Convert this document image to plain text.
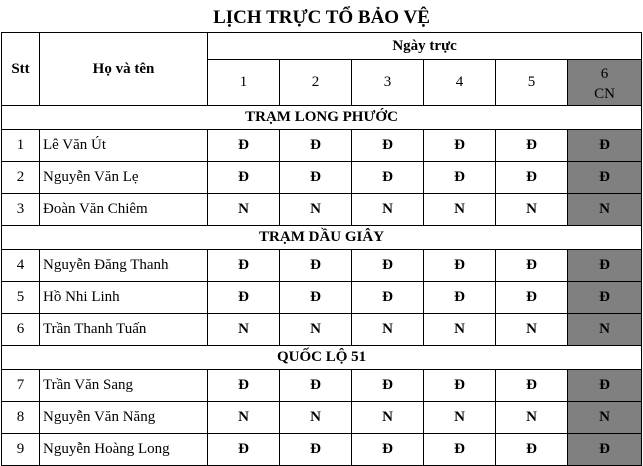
LỊCH TRỰC TỔ BẢO VỆ
Stt	Họ và tên	Ngày trực					
		1	2	3	4	5	6
CN

TRẠM LONG PHƯỚC							
1	Lê Văn Út	Đ	Đ	Đ	Đ	Đ	Đ
2	Nguyễn Văn Lẹ	Đ	Đ	Đ	Đ	Đ	Đ
3	Đoàn Văn Chiêm	N	N	N	N	N	N
TRẠM DẦU GIÂY							
4	Nguyễn Đăng Thanh	Đ	Đ	Đ	Đ	Đ	Đ
5	Hồ Nhi Linh	Đ	Đ	Đ	Đ	Đ	Đ
6	Trần Thanh Tuấn	N	N	N	N	N	N
QUỐC LỘ 51							
7	Trần Văn Sang	Đ	Đ	Đ	Đ	Đ	Đ
8	Nguyễn Văn Năng	N	N	N	N	N	N
9	Nguyễn Hoàng Long	Đ	Đ	Đ	Đ	Đ	Đ
